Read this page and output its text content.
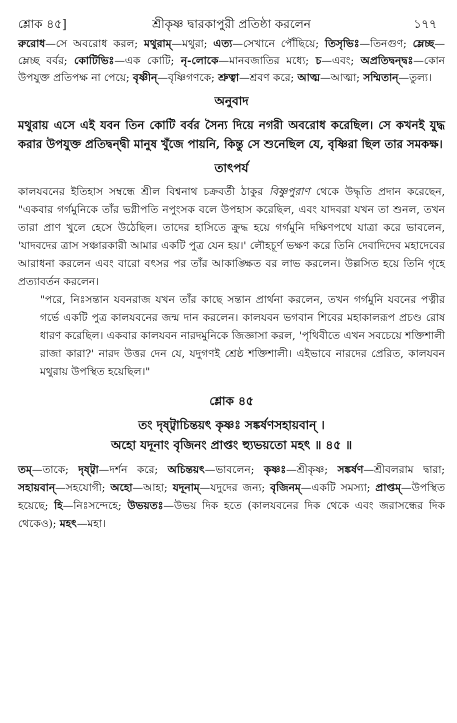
শ্লোক ৪৫]	শ্রীকৃষ্ণ দ্বারকাপুরী প্রতিষ্ঠা করলেন	১৭৭

রুরোধ—সে অবরোধ করল; মথুরাম্—মথুরা; এত্য—সেখানে পৌঁছিয়ে; তিসৃভিঃ—তিনগুণ; ম্লেচ্ছ—ম্লেচ্ছ বর্বর; কোটিভিঃ—এক কোটি; নৃ-লোকে—মানবজাতির মধ্যে; চ—এবং; অপ্রতিদ্বন্দ্বঃ—কোন উপযুক্ত প্রতিপক্ষ না পেয়ে; বৃষ্ণীন্—বৃষ্ণিগণকে; শ্রুত্বা—শ্রবণ করে; আত্ম—আত্মা; সম্মিতান্—তুল্য।

অনুবাদ

মথুরায় এসে এই যবন তিন কোটি বর্বর সৈন্য দিয়ে নগরী অবরোধ করেছিল। সে কখনই যুদ্ধ করার উপযুক্ত প্রতিদ্বন্দ্বী মানুষ খুঁজে পায়নি, কিন্তু সে শুনেছিল যে, বৃষ্ণিরা ছিল তার সমকক্ষ।

তাৎপর্য

কালযবনের ইতিহাস সম্বন্ধে শ্রীল বিশ্বনাথ চক্রবর্তী ঠাকুর বিষ্ণুপুরাণ থেকে উদ্ধৃতি প্রদান করেছেন, "একবার গর্গমুনিকে তাঁর ভগ্নীপতি নপুংসক বলে উপহাস করেছিল, এবং যাদবরা যখন তা শুনল, তখন তারা প্রাণ খুলে হেসে উঠেছিল। তাদের হাসিতে ক্রুদ্ধ হয়ে গর্গমুনি দক্ষিণপথে যাত্রা করে ভাবলেন, 'যাদবদের ত্রাস সঞ্চারকারী আমার একটি পুত্র যেন হয়।' লৌহচূর্ণ ভক্ষণ করে তিনি দেবাদিদেব মহাদেবের আরাধনা করলেন এবং বারো বৎসর পর তাঁর আকাঙ্ক্ষিত বর লাভ করলেন। উল্লসিত হয়ে তিনি গৃহে প্রত্যাবর্তন করলেন।

"পরে, নিঃসন্তান যবনরাজ যখন তাঁর কাছে সন্তান প্রার্থনা করলেন, তখন গর্গমুনি যবনের পত্নীর গর্ভে একটি পুত্র কালযবনের জন্ম দান করলেন। কালযবন ভগবান শিবের মহাকালরূপ প্রচণ্ড রোষ ধারণ করেছিল। একবার কালযবন নারদমুনিকে জিজ্ঞাসা করল, 'পৃথিবীতে এখন সবচেয়ে শক্তিশালী রাজা কারা?' নারদ উত্তর দেন যে, যদুগণই শ্রেষ্ঠ শক্তিশালী। এইভাবে নারদের প্রেরিত, কালযবন মথুরায় উপস্থিত হয়েছিল।"

শ্লোক ৪৫

তং দৃষ্ট্বাচিন্তয়ৎ কৃষ্ণঃ সঙ্কর্ষণসহায়বান্ ।

অহো যদূনাং বৃজিনং প্রাপ্তং হ্যুভয়তো মহৎ ॥ ৪৫ ॥

তম্—তাকে; দৃষ্ট্বা—দর্শন করে; অচিন্তয়ৎ—ভাবলেন; কৃষ্ণঃ—শ্রীকৃষ্ণ; সঙ্কর্ষণ—শ্রীবলরাম দ্বারা; সহায়বান্—সহযোগী; অহো—আহা; যদূনাম্—যদুদের জন্য; বৃজিনম্—একটি সমস্যা; প্রাপ্তম্—উপস্থিত হয়েছে; হি—নিঃসন্দেহে; উভয়তঃ—উভয় দিক হতে (কালযবনের দিক থেকে এবং জরাসন্ধের দিক থেকেও); মহৎ—মহা।
